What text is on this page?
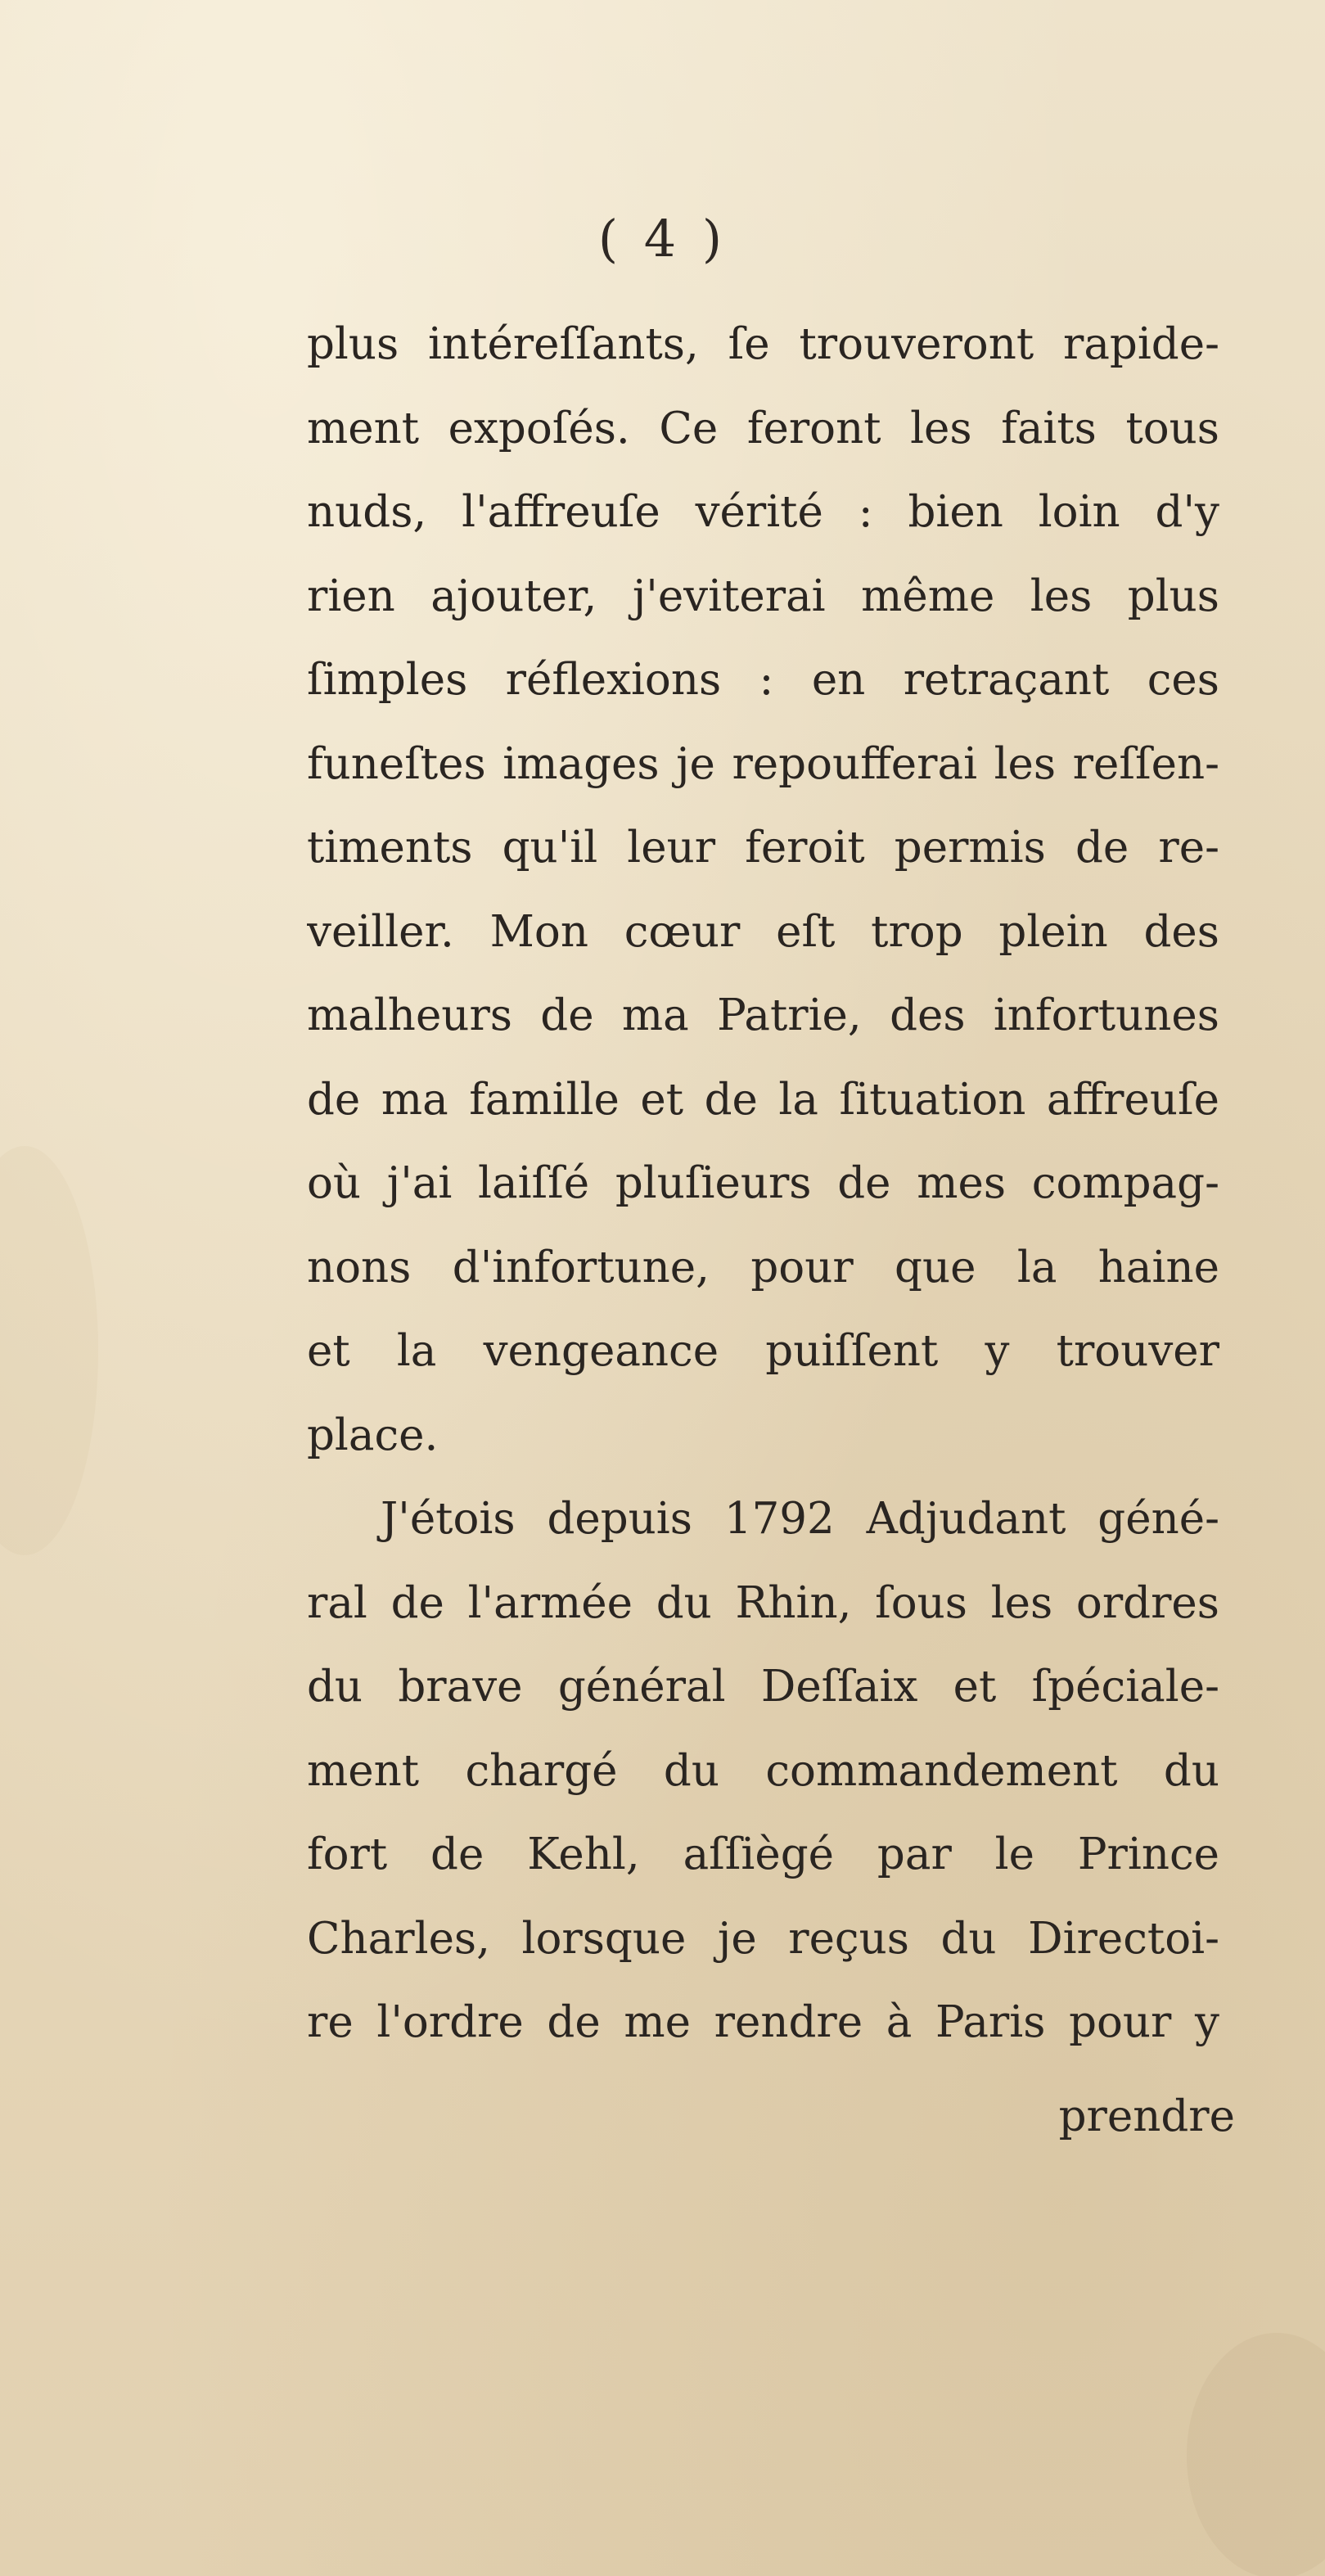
( 4 )
plus intéreſſants, ſe trouveront rapide-
ment expoſés. Ce feront les faits tous
nuds, l'affreuſe vérité : bien loin d'y
rien ajouter, j'eviterai même les plus
ſimples réflexions : en retraçant ces
funeſtes images je repoufferai les reſſen-
timents qu'il leur feroit permis de re-
veiller. Mon cœur eſt trop plein des
malheurs de ma Patrie, des infortunes
de ma famille et de la ſituation affreuſe
où j'ai laiſſé pluſieurs de mes compag-
nons d'infortune, pour que la haine
et la vengeance puiſſent y trouver
place.
J'étois depuis 1792 Adjudant géné-
ral de l'armée du Rhin, ſous les ordres
du brave général Deſſaix et ſpéciale-
ment chargé du commandement du
fort de Kehl, aſſiègé par le Prince
Charles, lorsque je reçus du Directoi-
re l'ordre de me rendre à Paris pour y
prendre
